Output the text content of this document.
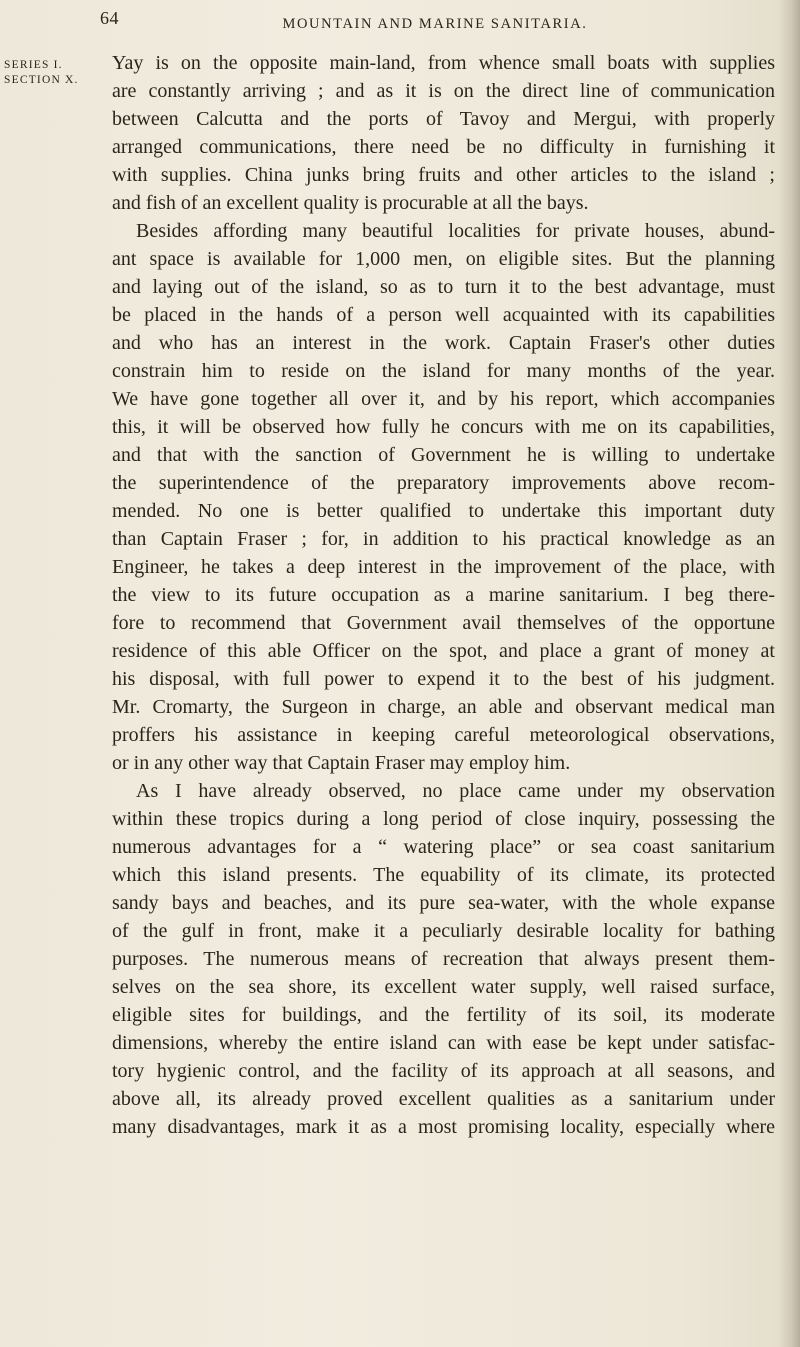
64	MOUNTAIN AND MARINE SANITARIA.
SERIES I.
SECTION X.
Yay is on the opposite main-land, from whence small boats with supplies
are constantly arriving ; and as it is on the direct line of communication
between Calcutta and the ports of Tavoy and Mergui, with properly
arranged communications, there need be no difficulty in furnishing it
with supplies. China junks bring fruits and other articles to the island ;
and fish of an excellent quality is procurable at all the bays.
Besides affording many beautiful localities for private houses, abund-
ant space is available for 1,000 men, on eligible sites. But the planning
and laying out of the island, so as to turn it to the best advantage, must
be placed in the hands of a person well acquainted with its capabilities
and who has an interest in the work. Captain Fraser's other duties
constrain him to reside on the island for many months of the year.
We have gone together all over it, and by his report, which accompanies
this, it will be observed how fully he concurs with me on its capabilities,
and that with the sanction of Government he is willing to undertake
the superintendence of the preparatory improvements above recom-
mended. No one is better qualified to undertake this important duty
than Captain Fraser ; for, in addition to his practical knowledge as an
Engineer, he takes a deep interest in the improvement of the place, with
the view to its future occupation as a marine sanitarium. I beg there-
fore to recommend that Government avail themselves of the opportune
residence of this able Officer on the spot, and place a grant of money at
his disposal, with full power to expend it to the best of his judgment.
Mr. Cromarty, the Surgeon in charge, an able and observant medical man
proffers his assistance in keeping careful meteorological observations,
or in any other way that Captain Fraser may employ him.
As I have already observed, no place came under my observation
within these tropics during a long period of close inquiry, possessing the
numerous advantages for a “ watering place” or sea coast sanitarium
which this island presents. The equability of its climate, its protected
sandy bays and beaches, and its pure sea-water, with the whole expanse
of the gulf in front, make it a peculiarly desirable locality for bathing
purposes. The numerous means of recreation that always present them-
selves on the sea shore, its excellent water supply, well raised surface,
eligible sites for buildings, and the fertility of its soil, its moderate
dimensions, whereby the entire island can with ease be kept under satisfac-
tory hygienic control, and the facility of its approach at all seasons, and
above all, its already proved excellent qualities as a sanitarium under
many disadvantages, mark it as a most promising locality, especially where
